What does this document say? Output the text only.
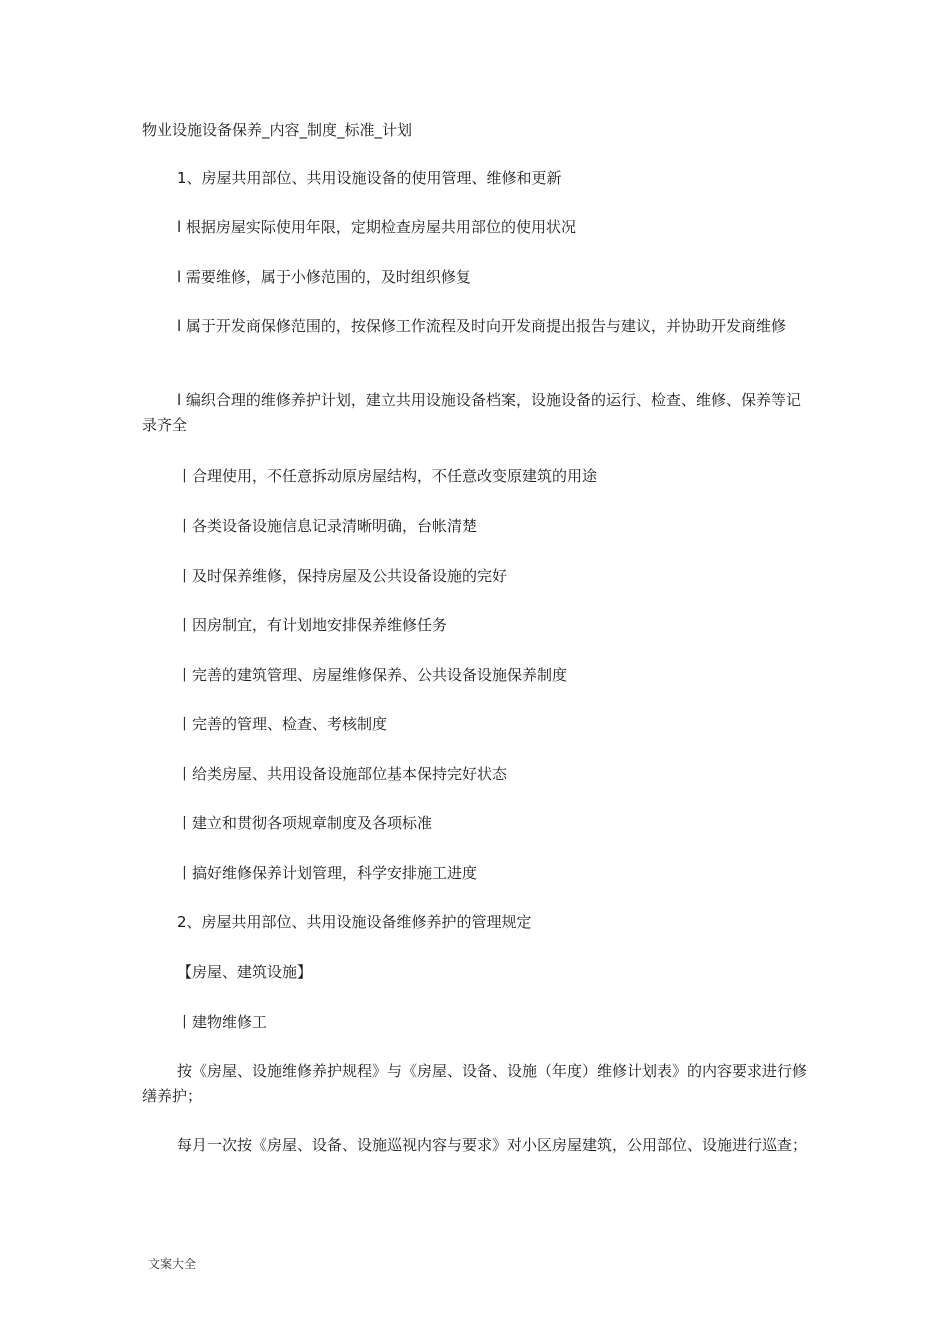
物业设施设备保养_内容_制度_标准_计划
1、房屋共用部位、共用设施设备的使用管理、维修和更新
l 根据房屋实际使用年限，定期检查房屋共用部位的使用状况
l 需要维修，属于小修范围的，及时组织修复
l 属于开发商保修范围的，按保修工作流程及时向开发商提出报告与建议，并协助开发商维修
l 编织合理的维修养护计划，建立共用设施设备档案，设施设备的运行、检查、维修、保养等记录齐全
丨合理使用，不任意拆动原房屋结构，不任意改变原建筑的用途
丨各类设备设施信息记录清晰明确，台帐清楚
丨及时保养维修，保持房屋及公共设备设施的完好
丨因房制宜，有计划地安排保养维修任务
丨完善的建筑管理、房屋维修保养、公共设备设施保养制度
丨完善的管理、检查、考核制度
丨给类房屋、共用设备设施部位基本保持完好状态
丨建立和贯彻各项规章制度及各项标准
丨搞好维修保养计划管理，科学安排施工进度
2、房屋共用部位、共用设施设备维修养护的管理规定
【房屋、建筑设施】
丨建物维修工
按《房屋、设施维修养护规程》与《房屋、设备、设施（年度）维修计划表》的内容要求进行修缮养护；
每月一次按《房屋、设备、设施巡视内容与要求》对小区房屋建筑，公用部位、设施进行巡查；
文案大全
